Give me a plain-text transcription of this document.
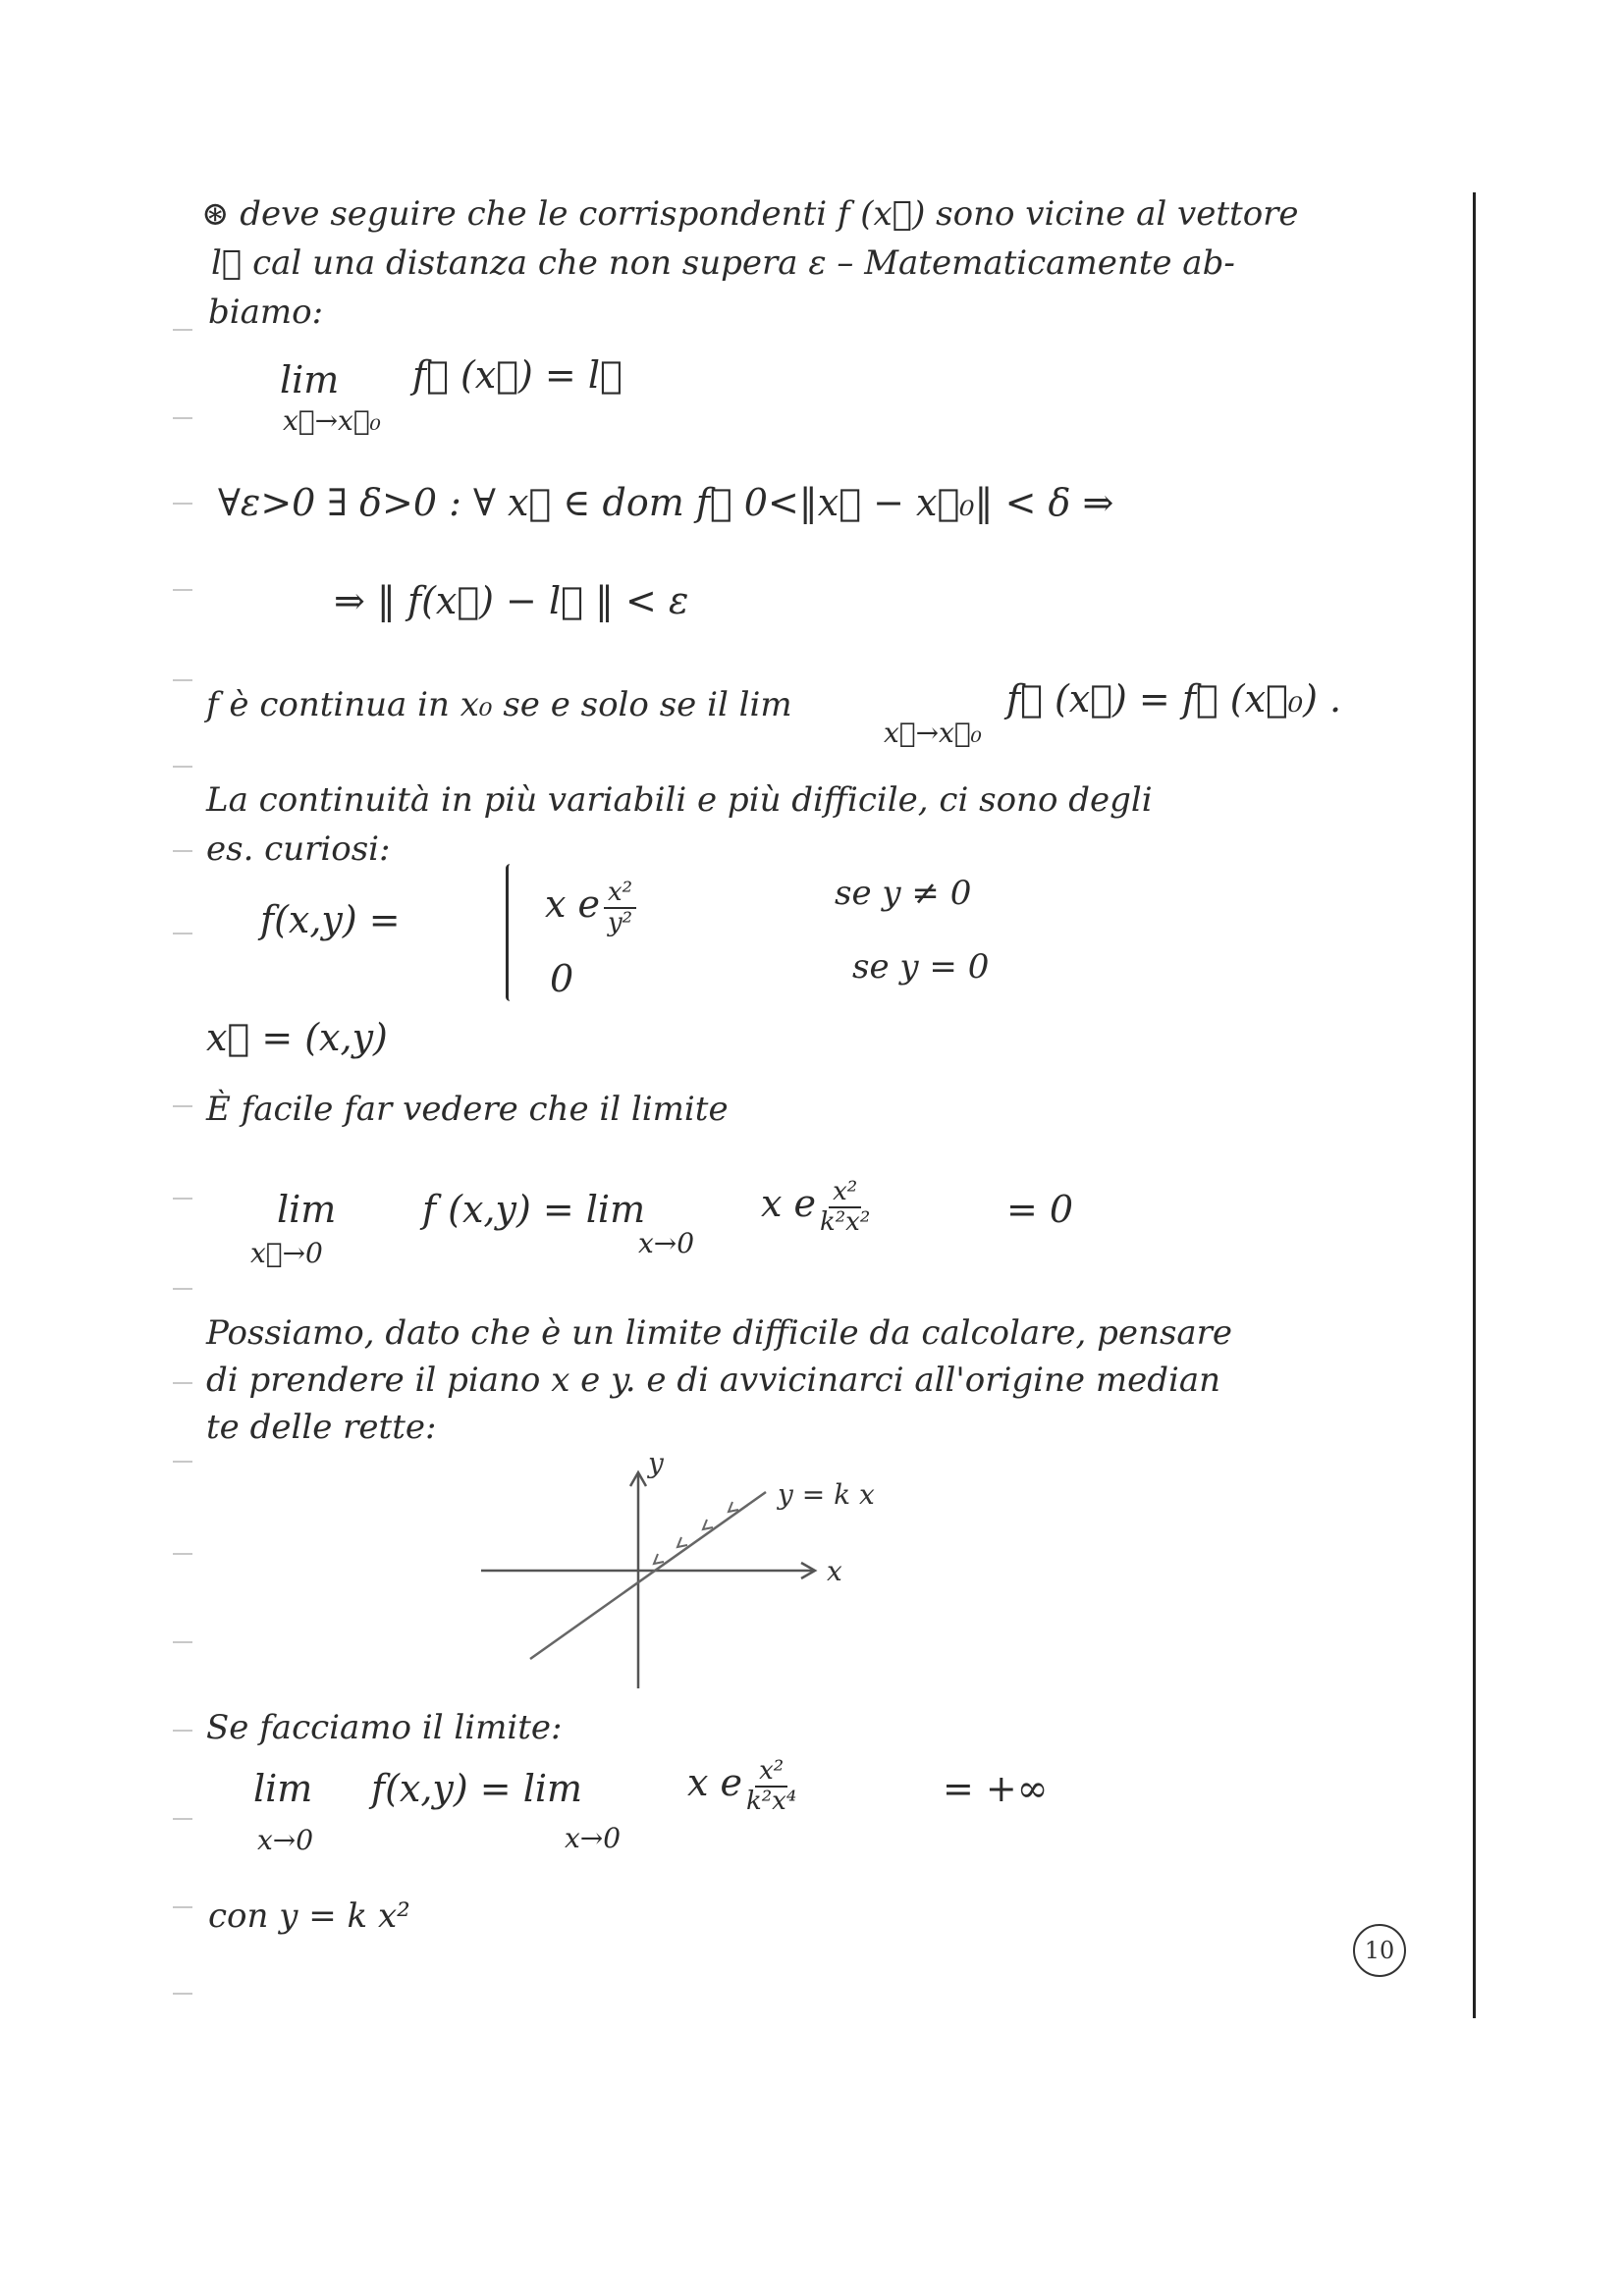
⊛ deve seguire che le corrispondenti f (x⃗) sono vicine al vettore
l⃗ cal una distanza che non supera ε – Matematicamente ab-
biamo:
lim
x⃗→x⃗₀
f⃗ (x⃗) = l⃗
∀ε>0 ∃ δ>0 : ∀ x⃗ ∈ dom f⃗ 0<‖x⃗ − x⃗₀‖ < δ ⇒
⇒ ‖ f(x⃗) − l⃗ ‖ < ε
f è continua in x₀ se e solo se il lim
x⃗→x⃗₀
f⃗ (x⃗) = f⃗ (x⃗₀) .
La continuità in più variabili e più difficile, ci sono degli
es. curiosi:
f(x,y) =	x e $\frac{\text{x²}}{\text{y²}}$	se y ≠ 0
0	se y = 0
x⃗ = (x,y)
È facile far vedere che il limite
lim
x⃗→0
f (x,y) = lim
x→0
x e $\frac{\text{x²}}{\text{k²x²}}$	= 0
Possiamo, dato che è un limite difficile da calcolare, pensare
di prendere il piano x e y. e di avvicinarci all'origine median
te delle rette:
y
x
y = k x
Se facciamo il limite:
lim
x→0
f(x,y) = lim
x→0
x e $\frac{\text{x²}}{\text{k²x⁴}}$	= +∞
con y = k x²
10
